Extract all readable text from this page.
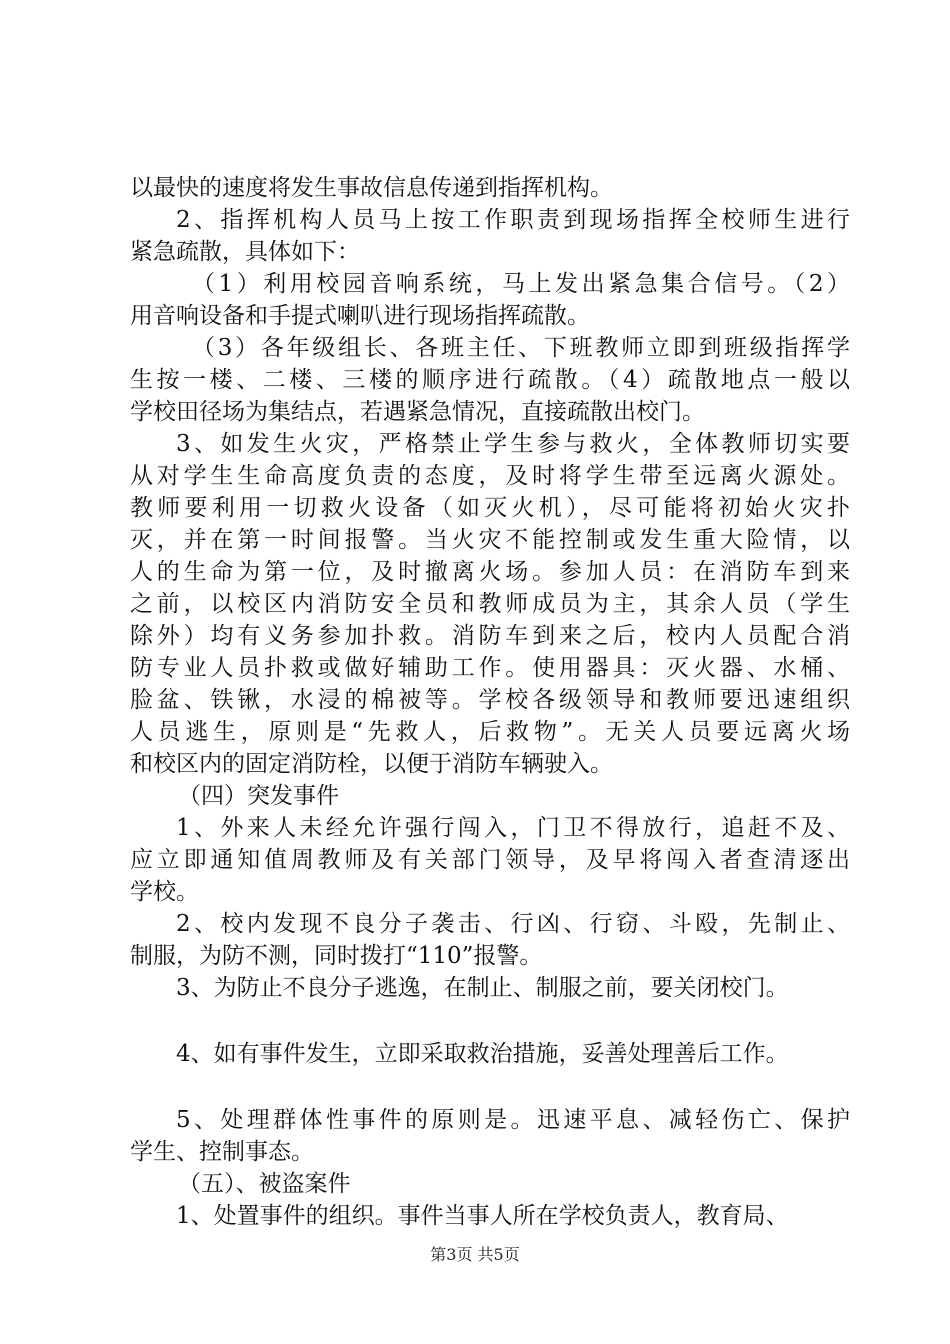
以最快的速度将发生事故信息传递到指挥机构。
2、指挥机构人员马上按工作职责到现场指挥全校师生进行
紧急疏散，具体如下：
（1）利用校园音响系统，马上发出紧急集合信号。（2）
用音响设备和手提式喇叭进行现场指挥疏散。
（3）各年级组长、各班主任、下班教师立即到班级指挥学
生按一楼、二楼、三楼的顺序进行疏散。（4）疏散地点一般以
学校田径场为集结点，若遇紧急情况，直接疏散出校门。
3、如发生火灾，严格禁止学生参与救火，全体教师切实要
从对学生生命高度负责的态度，及时将学生带至远离火源处。
教师要利用一切救火设备（如灭火机），尽可能将初始火灾扑
灭，并在第一时间报警。当火灾不能控制或发生重大险情，以
人的生命为第一位，及时撤离火场。参加人员：在消防车到来
之前，以校区内消防安全员和教师成员为主，其余人员（学生
除外）均有义务参加扑救。消防车到来之后，校内人员配合消
防专业人员扑救或做好辅助工作。使用器具：灭火器、水桶、
脸盆、铁锹，水浸的棉被等。学校各级领导和教师要迅速组织
人员逃生，原则是“先救人，后救物”。无关人员要远离火场
和校区内的固定消防栓，以便于消防车辆驶入。
（四）突发事件
1、外来人未经允许强行闯入，门卫不得放行，追赶不及、
应立即通知值周教师及有关部门领导，及早将闯入者查清逐出
学校。
2、校内发现不良分子袭击、行凶、行窃、斗殴，先制止、
制服，为防不测，同时拨打“110”报警。
3、为防止不良分子逃逸，在制止、制服之前，要关闭校门。
4、如有事件发生，立即采取救治措施，妥善处理善后工作。
5、处理群体性事件的原则是。迅速平息、减轻伤亡、保护
学生、控制事态。
（五）、被盗案件
1、处置事件的组织。事件当事人所在学校负责人，教育局、
第3页 共5页
